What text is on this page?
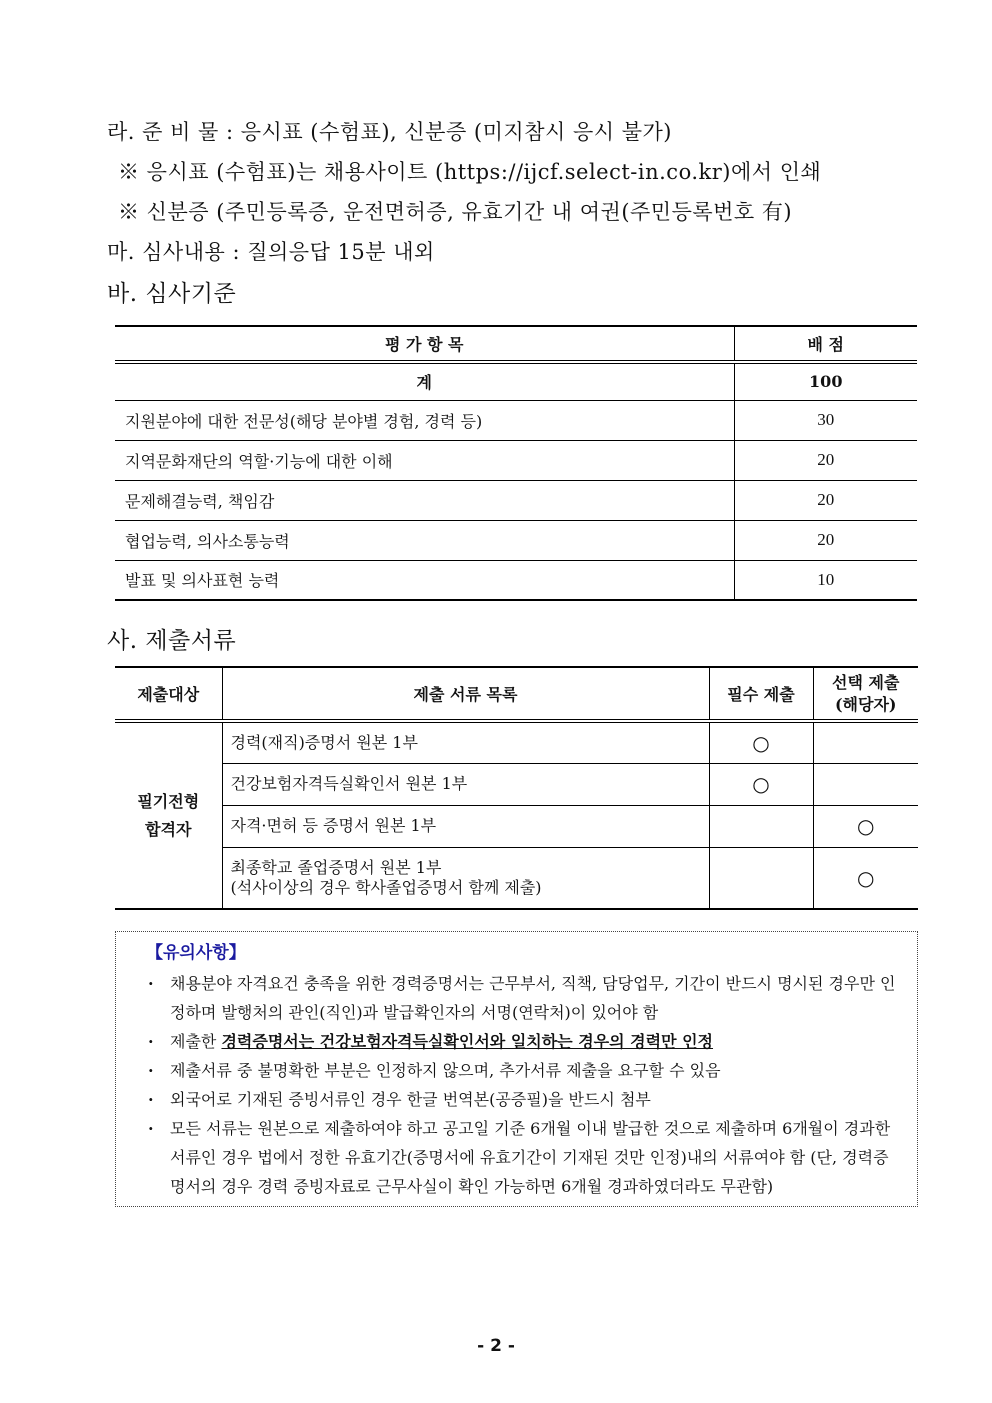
라. 준 비 물 : 응시표 (수험표), 신분증 (미지참시 응시 불가)
※ 응시표 (수험표)는 채용사이트 (https://ijcf.select-in.co.kr)에서 인쇄
※ 신분증 (주민등록증, 운전면허증, 유효기간 내 여권(주민등록번호 有)
마. 심사내용 : 질의응답 15분 내외
바. 심사기준
평 가 항 목	배 점
계	100
지원분야에 대한 전문성(해당 분야별 경험, 경력 등)	30
지역문화재단의 역할·기능에 대한 이해	20
문제해결능력, 책임감	20
협업능력, 의사소통능력	20
발표 및 의사표현 능력	10
사. 제출서류
제출대상	제출 서류 목록	필수 제출	선택 제출
(해당자)
필기전형
합격자	경력(재직)증명서 원본 1부	○	
	건강보험자격득실확인서 원본 1부	○	
	자격·면허 등 증명서 원본 1부		○
	최종학교 졸업증명서 원본 1부
(석사이상의 경우 학사졸업증명서 함께 제출)		○
【유의사항】
· 채용분야 자격요건 충족을 위한 경력증명서는 근무부서, 직책, 담당업무, 기간이 반드시 명시된 경우만 인정하며 발행처의 관인(직인)과 발급확인자의 서명(연락처)이 있어야 함
· 제출한 경력증명서는 건강보험자격득실확인서와 일치하는 경우의 경력만 인정
· 제출서류 중 불명확한 부분은 인정하지 않으며, 추가서류 제출을 요구할 수 있음
· 외국어로 기재된 증빙서류인 경우 한글 번역본(공증필)을 반드시 첨부
· 모든 서류는 원본으로 제출하여야 하고 공고일 기준 6개월 이내 발급한 것으로 제출하며 6개월이 경과한 서류인 경우 법에서 정한 유효기간(증명서에 유효기간이 기재된 것만 인정)내의 서류여야 함 (단, 경력증명서의 경우 경력 증빙자료로 근무사실이 확인 가능하면 6개월 경과하였더라도 무관함)
- 2 -
